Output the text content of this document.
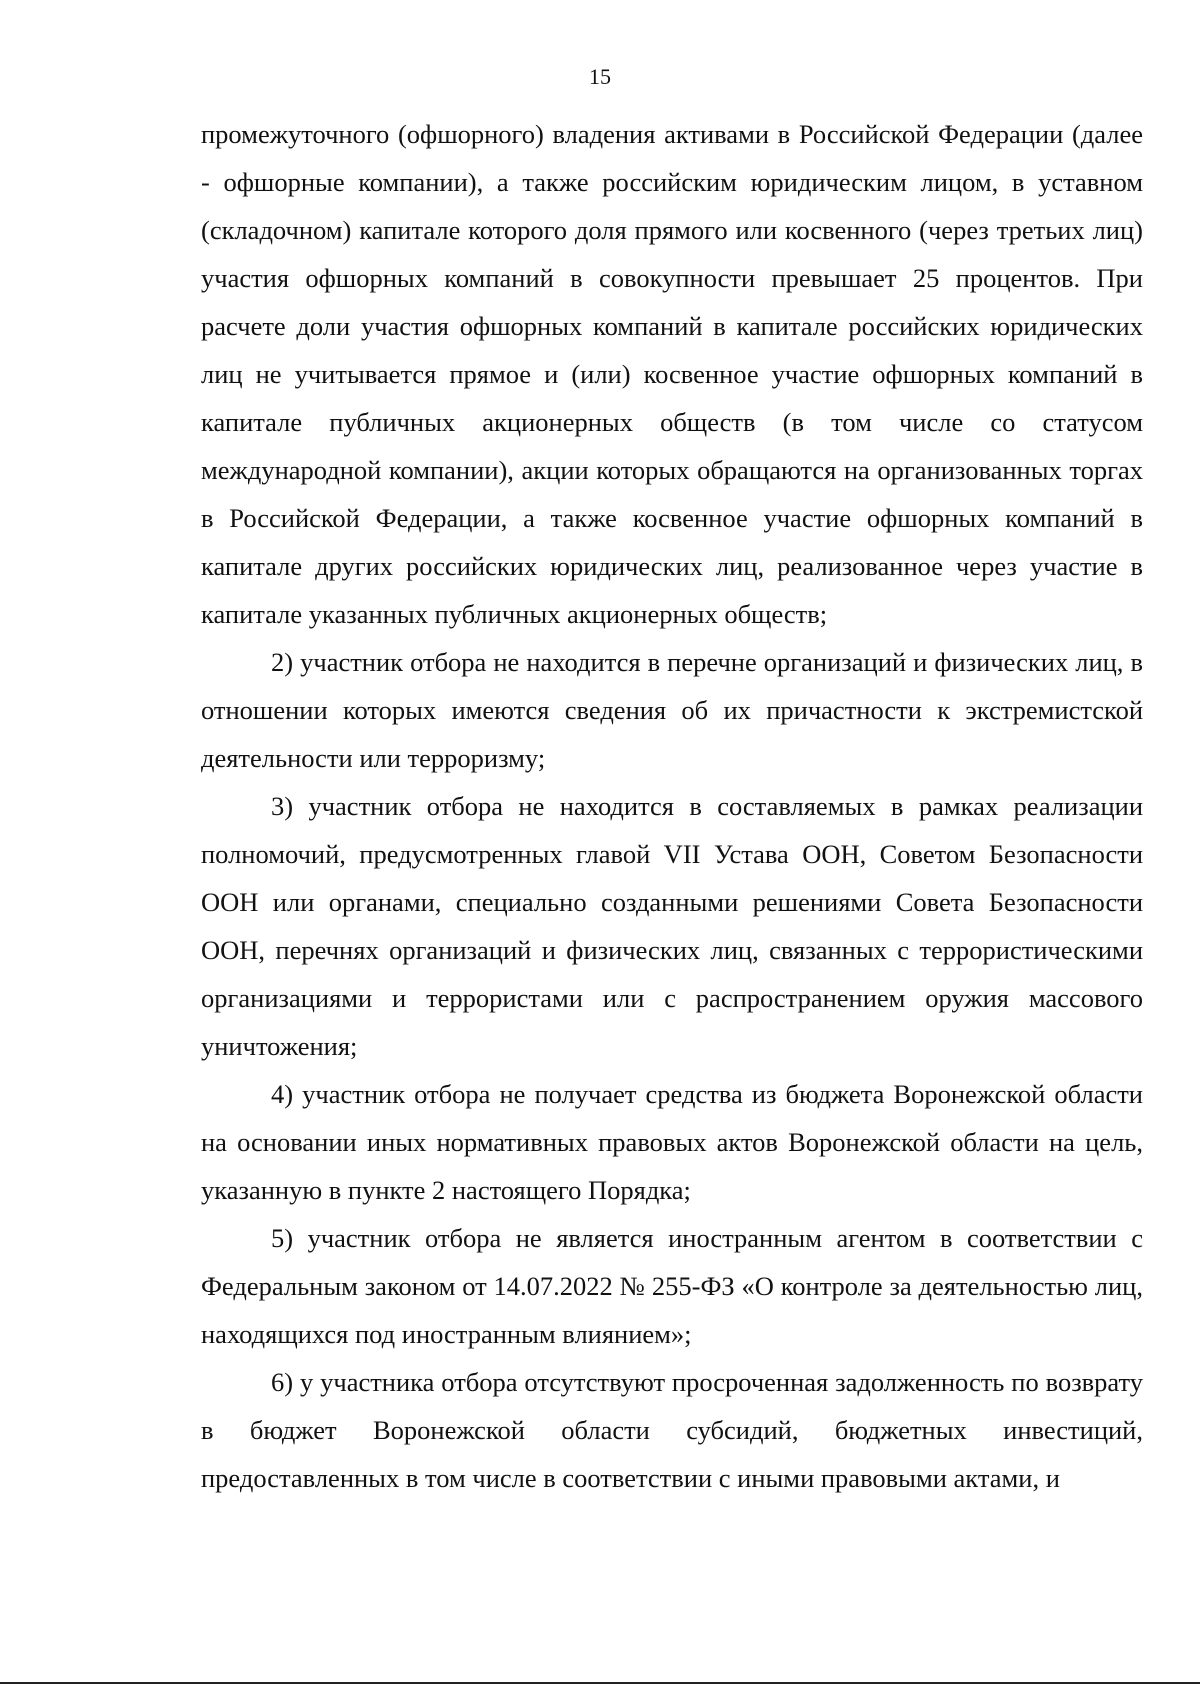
15

промежуточного (офшорного) владения активами в Российской Федерации (далее - офшорные компании), а также российским юридическим лицом, в уставном (складочном) капитале которого доля прямого или косвенного (через третьих лиц) участия офшорных компаний в совокупности превышает 25 процентов. При расчете доли участия офшорных компаний в капитале российских юридических лиц не учитывается прямое и (или) косвенное участие офшорных компаний в капитале публичных акционерных обществ (в том числе со статусом международной компании), акции которых обращаются на организованных торгах в Российской Федерации, а также косвенное участие офшорных компаний в капитале других российских юридических лиц, реализованное через участие в капитале указанных публичных акционерных обществ;

2) участник отбора не находится в перечне организаций и физических лиц, в отношении которых имеются сведения об их причастности к экстремистской деятельности или терроризму;

3) участник отбора не находится в составляемых в рамках реализации полномочий, предусмотренных главой VII Устава ООН, Советом Безопасности ООН или органами, специально созданными решениями Совета Безопасности ООН, перечнях организаций и физических лиц, связанных с террористическими организациями и террористами или с распространением оружия массового уничтожения;

4) участник отбора не получает средства из бюджета Воронежской области на основании иных нормативных правовых актов Воронежской области на цель, указанную в пункте 2 настоящего Порядка;

5) участник отбора не является иностранным агентом в соответствии с Федеральным законом от 14.07.2022 № 255-ФЗ «О контроле за деятельностью лиц, находящихся под иностранным влиянием»;

6) у участника отбора отсутствуют просроченная задолженность по возврату в бюджет Воронежской области субсидий, бюджетных инвестиций, предоставленных в том числе в соответствии с иными правовыми актами, и
